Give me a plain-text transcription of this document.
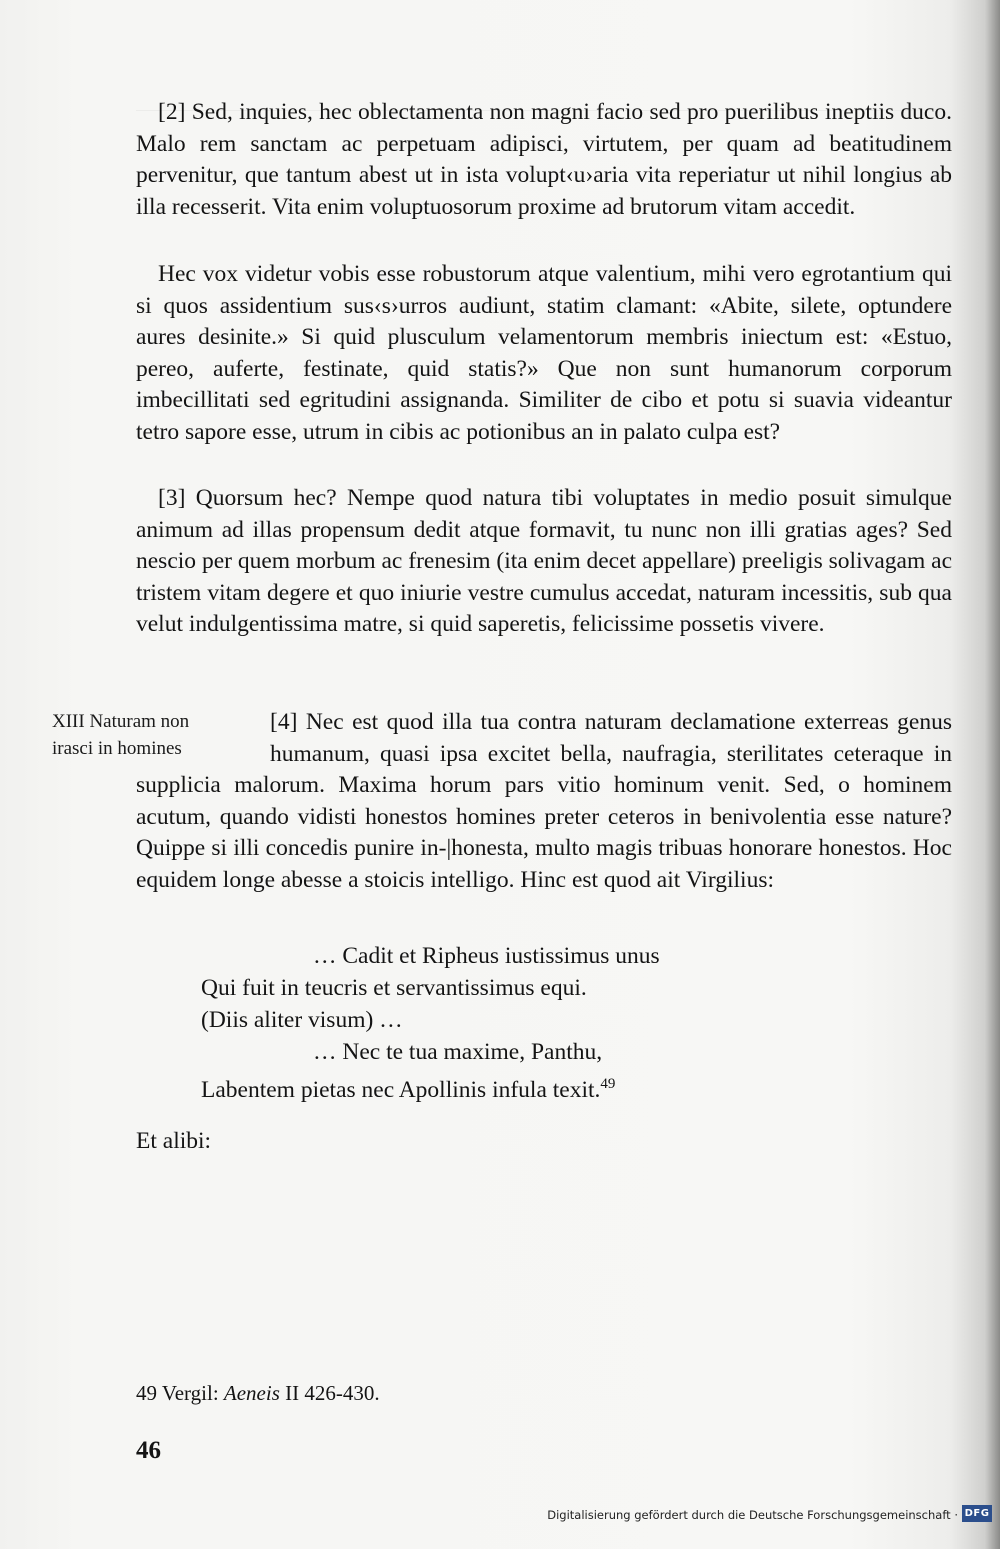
[2] Sed, inquies, hec oblectamenta non magni facio sed pro puerilibus ineptiis duco. Malo rem sanctam ac perpetuam adipisci, virtutem, per quam ad beatitudinem pervenitur, que tantum abest ut in ista volupt‹u›aria vita reperiatur ut nihil longius ab illa recesserit. Vita enim voluptuosorum proxime ad brutorum vitam accedit.

Hec vox videtur vobis esse robustorum atque valentium, mihi vero egrotantium qui si quos assidentium sus‹s›urros audiunt, statim clamant: «Abite, silete, optundere aures desinite.» Si quid plusculum velamentorum membris iniectum est: «Estuo, pereo, auferte, festinate, quid statis?» Que non sunt humanorum corporum imbecillitati sed egritudini assignanda. Similiter de cibo et potu si suavia videantur tetro sapore esse, utrum in cibis ac potionibus an in palato culpa est?

[3] Quorsum hec? Nempe quod natura tibi voluptates in medio posuit simulque animum ad illas propensum dedit atque formavit, tu nunc non illi gratias ages? Sed nescio per quem morbum ac frenesim (ita enim decet appellare) preeligis solivagam ac tristem vitam degere et quo iniurie vestre cumulus accedat, naturam incessitis, sub qua velut indulgentissima matre, si quid saperetis, felicissime possetis vivere.

XIII Naturam non
irasci in homines

[4] Nec est quod illa tua contra naturam declamatione exterreas genus humanum, quasi ipsa excitet bella, naufragia, sterilitates ceteraque in supplicia malorum. Maxima horum pars vitio hominum venit. Sed, o hominem acutum, quando vidisti honestos homines preter ceteros in benivolentia esse nature? Quippe si illi concedis punire in-|honesta, multo magis tribuas honorare honestos. Hoc equidem longe abesse a stoicis intelligo. Hinc est quod ait Virgilius:

… Cadit et Ripheus iustissimus unus
Qui fuit in teucris et servantissimus equi.
(Diis aliter visum) …
… Nec te tua maxime, Panthu,
Labentem pietas nec Apollinis infula texit.$^{49}$
Et alibi:
49 Vergil: Aeneis II 426-430.
46
Digitalisierung gefördert durch die Deutsche Forschungsgemeinschaft · DFG
